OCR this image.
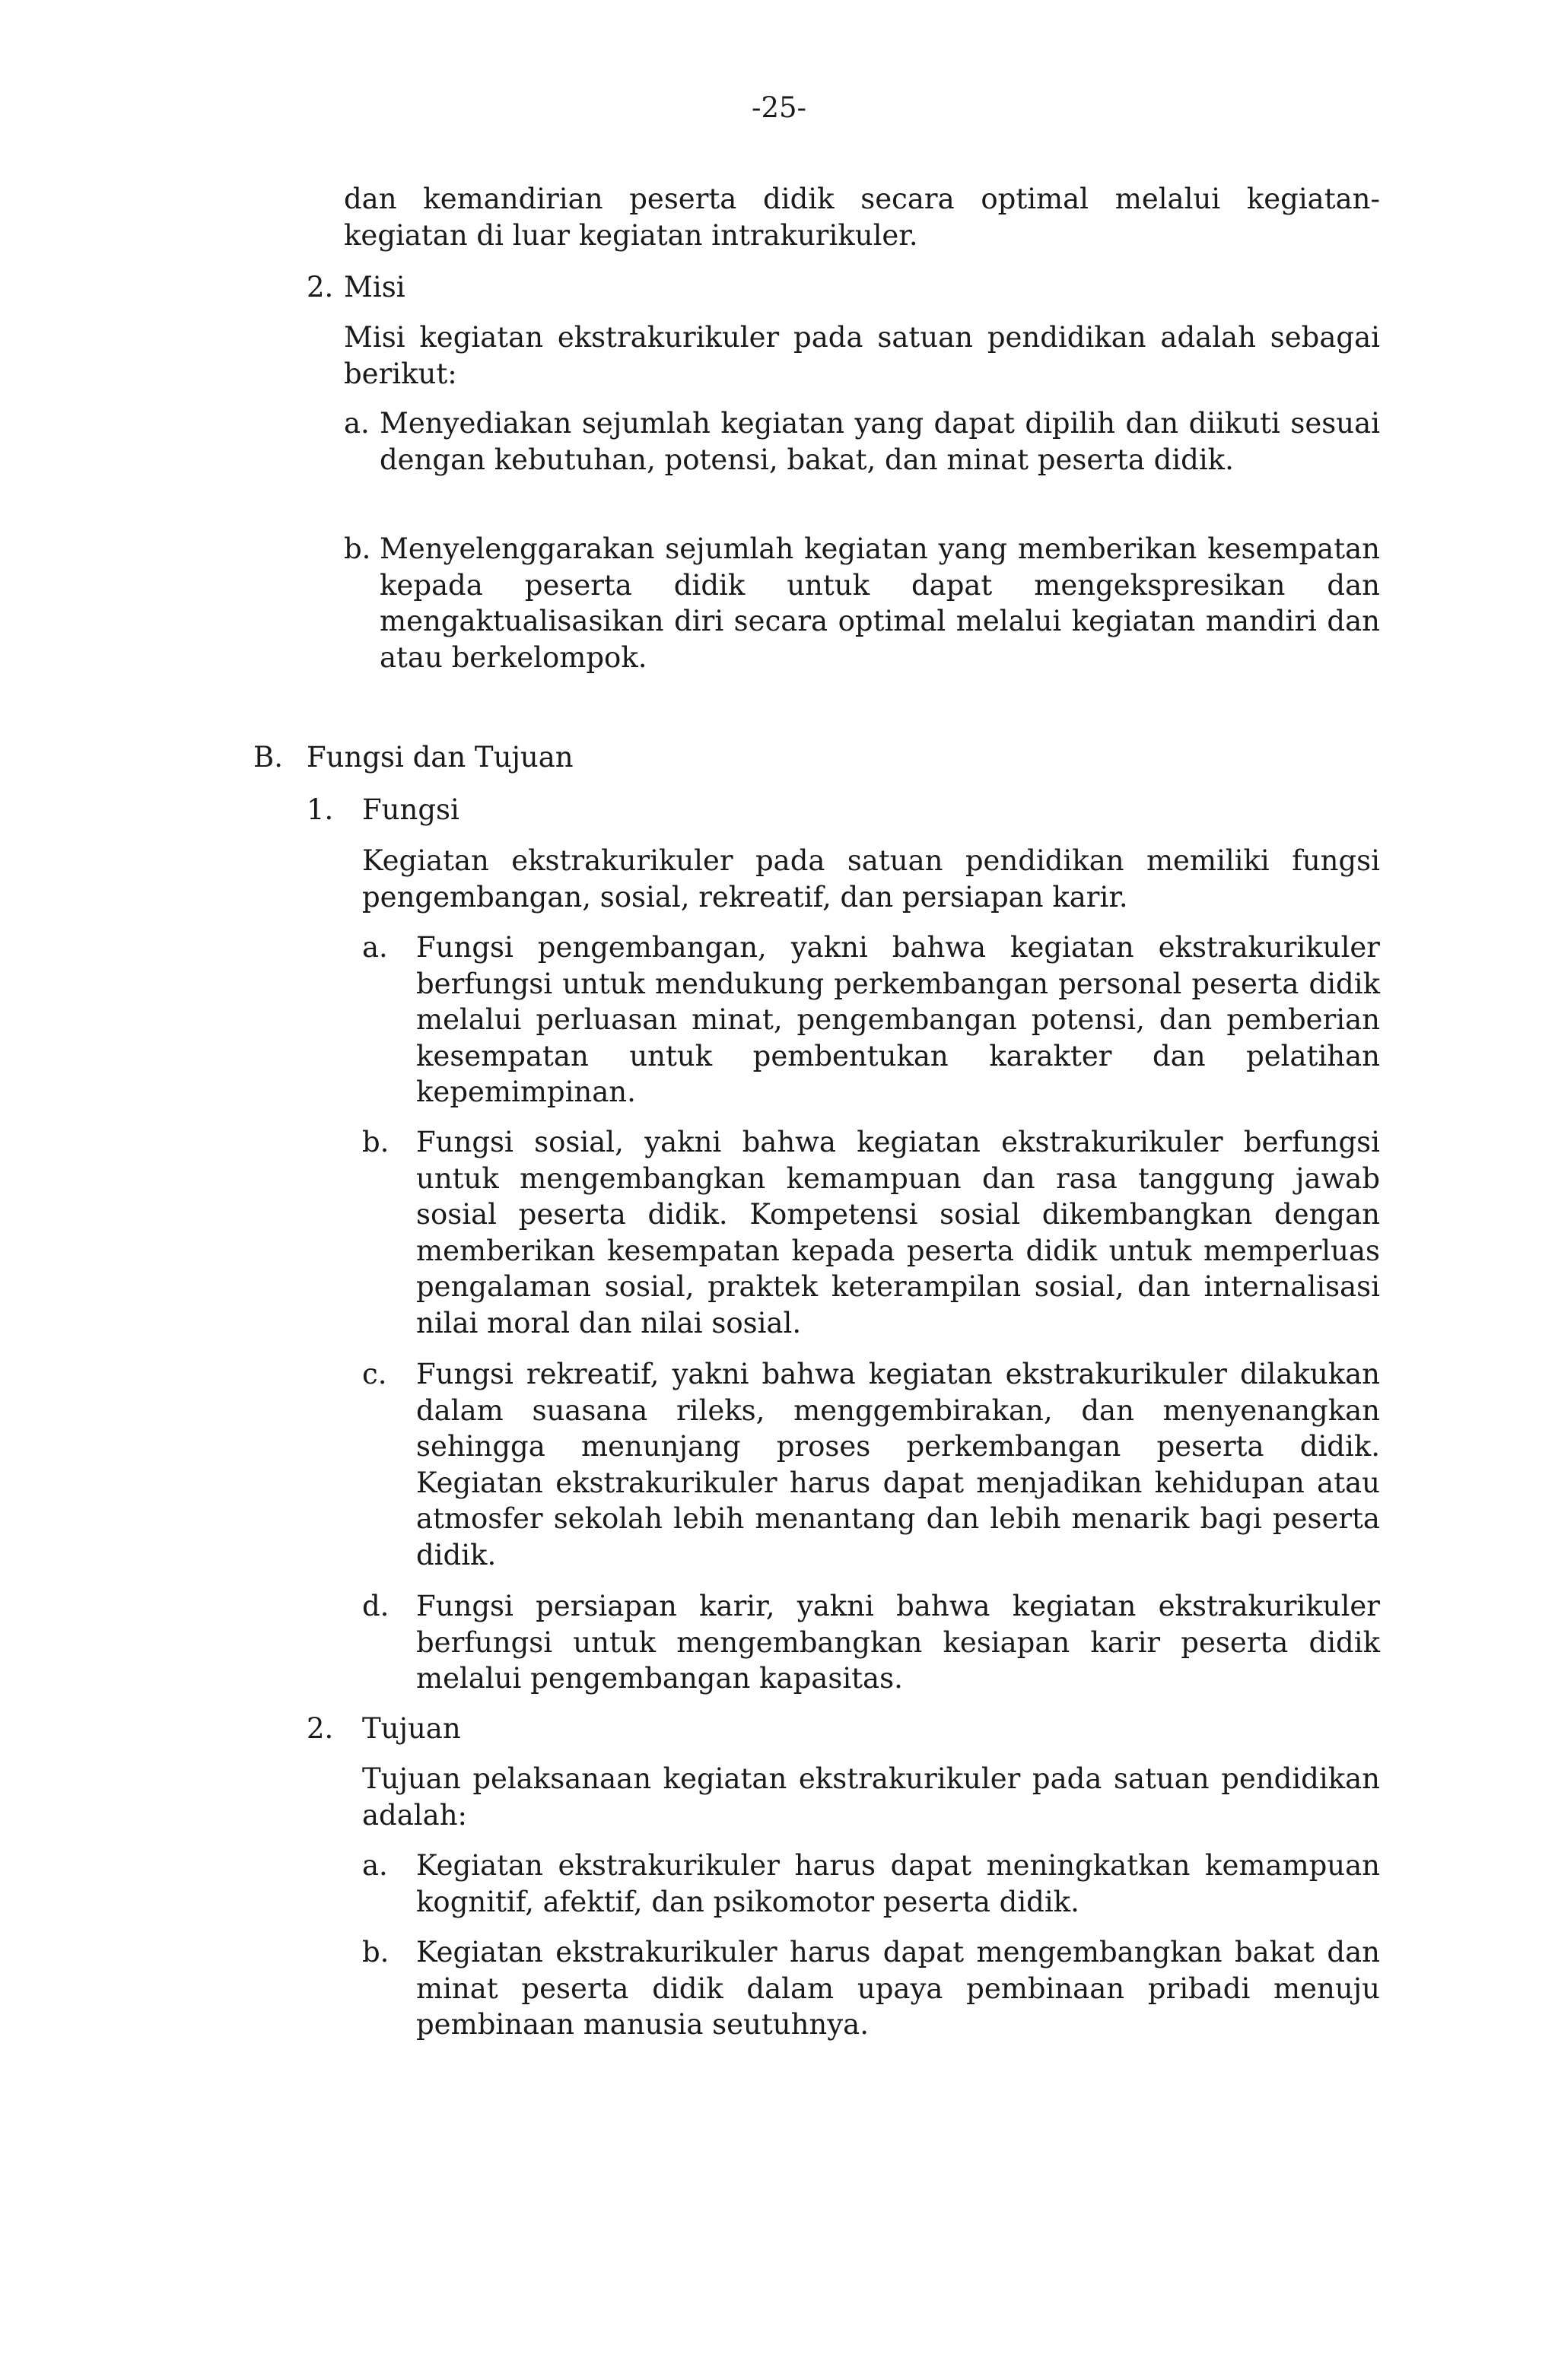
-25-

dan kemandirian peserta didik secara optimal melalui kegiatan-kegiatan di luar kegiatan intrakurikuler.

2. Misi

Misi kegiatan ekstrakurikuler pada satuan pendidikan adalah sebagai berikut:

a. Menyediakan sejumlah kegiatan yang dapat dipilih dan diikuti sesuai dengan kebutuhan, potensi, bakat, dan minat peserta didik.

b. Menyelenggarakan sejumlah kegiatan yang memberikan kesempatan kepada peserta didik untuk dapat mengekspresikan dan mengaktualisasikan diri secara optimal melalui kegiatan mandiri dan atau berkelompok.

B. Fungsi dan Tujuan
1. Fungsi

Kegiatan ekstrakurikuler pada satuan pendidikan memiliki fungsi pengembangan, sosial, rekreatif, dan persiapan karir.

a. Fungsi pengembangan, yakni bahwa kegiatan ekstrakurikuler berfungsi untuk mendukung perkembangan personal peserta didik melalui perluasan minat, pengembangan potensi, dan pemberian kesempatan untuk pembentukan karakter dan pelatihan kepemimpinan.

b. Fungsi sosial, yakni bahwa kegiatan ekstrakurikuler berfungsi untuk mengembangkan kemampuan dan rasa tanggung jawab sosial peserta didik. Kompetensi sosial dikembangkan dengan memberikan kesempatan kepada peserta didik untuk memperluas pengalaman sosial, praktek keterampilan sosial, dan internalisasi nilai moral dan nilai sosial.

c. Fungsi rekreatif, yakni bahwa kegiatan ekstrakurikuler dilakukan dalam suasana rileks, menggembirakan, dan menyenangkan sehingga menunjang proses perkembangan peserta didik. Kegiatan ekstrakurikuler harus dapat menjadikan kehidupan atau atmosfer sekolah lebih menantang dan lebih menarik bagi peserta didik.

d. Fungsi persiapan karir, yakni bahwa kegiatan ekstrakurikuler berfungsi untuk mengembangkan kesiapan karir peserta didik melalui pengembangan kapasitas.

2. Tujuan

Tujuan pelaksanaan kegiatan ekstrakurikuler pada satuan pendidikan adalah:

a. Kegiatan ekstrakurikuler harus dapat meningkatkan kemampuan kognitif, afektif, dan psikomotor peserta didik.

b. Kegiatan ekstrakurikuler harus dapat mengembangkan bakat dan minat peserta didik dalam upaya pembinaan pribadi menuju pembinaan manusia seutuhnya.
